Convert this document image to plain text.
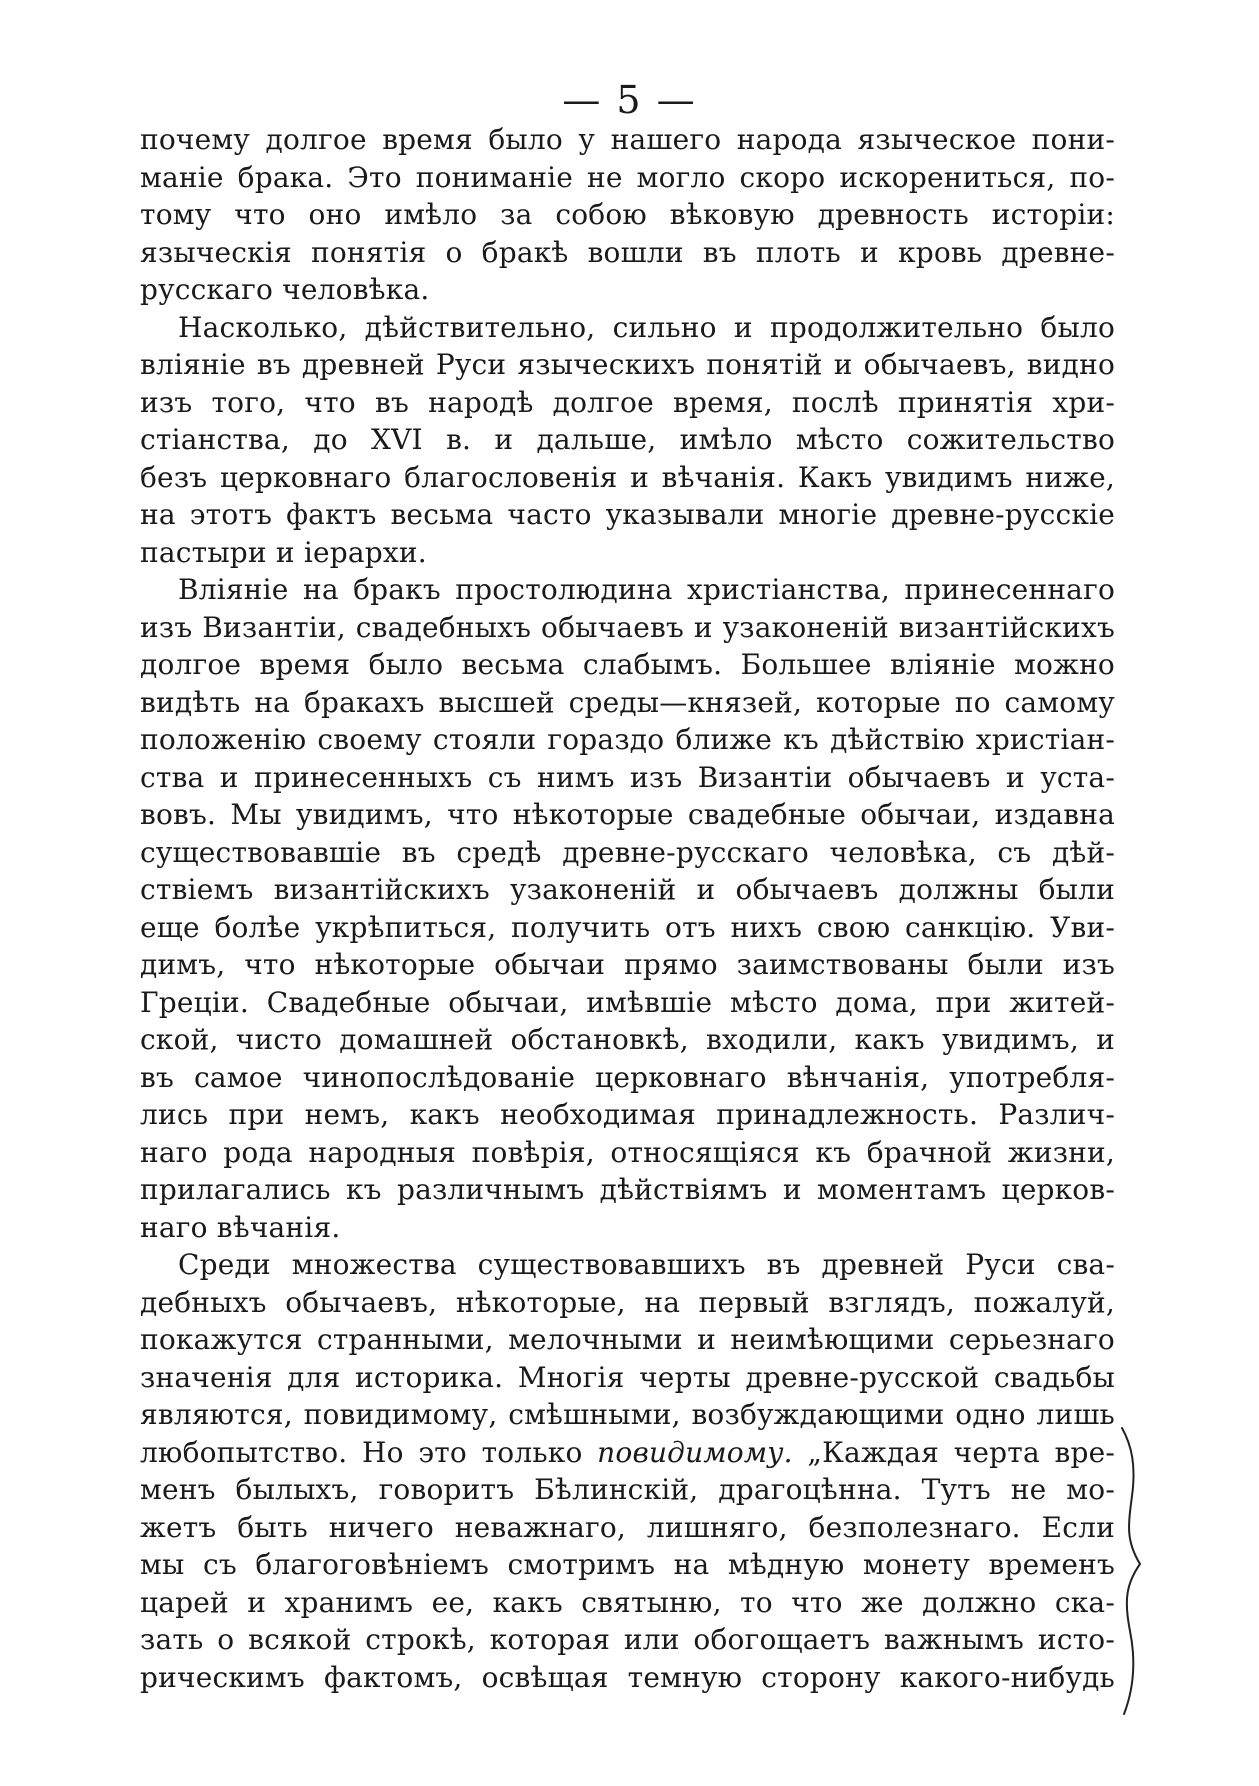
— 5 —
почему долгое время было у нашего народа языческое пони-
маніе брака. Это пониманіе не могло скоро искорениться, по-
тому что оно имѣло за собою вѣковую древность исторіи:
языческія понятія о бракѣ вошли въ плоть и кровь древне-
русскаго человѣка.
Насколько, дѣйствительно, сильно и продолжительно было
вліяніе въ древней Руси языческихъ понятій и обычаевъ, видно
изъ того, что въ народѣ долгое время, послѣ принятія хри-
стіанства, до XVI в. и дальше, имѣло мѣсто сожительство
безъ церковнаго благословенія и вѣчанія. Какъ увидимъ ниже,
на этотъ фактъ весьма часто указывали многіе древне-русскіе
пастыри и іерархи.
Вліяніе на бракъ простолюдина христіанства, принесеннаго
изъ Византіи, свадебныхъ обычаевъ и узаконеній византійскихъ
долгое время было весьма слабымъ. Большее вліяніе можно
видѣть на бракахъ высшей среды—князей, которые по самому
положенію своему стояли гораздо ближе къ дѣйствію христіан-
ства и принесенныхъ съ нимъ изъ Византіи обычаевъ и уста-
вовъ. Мы увидимъ, что нѣкоторые свадебные обычаи, издавна
существовавшіе въ средѣ древне-русскаго человѣка, съ дѣй-
ствіемъ византійскихъ узаконеній и обычаевъ должны были
еще болѣе укрѣпиться, получить отъ нихъ свою санкцію. Уви-
димъ, что нѣкоторые обычаи прямо заимствованы были изъ
Греціи. Свадебные обычаи, имѣвшіе мѣсто дома, при житей-
ской, чисто домашней обстановкѣ, входили, какъ увидимъ, и
въ самое чинопослѣдованіе церковнаго вѣнчанія, употребля-
лись при немъ, какъ необходимая принадлежность. Различ-
наго рода народныя повѣрія, относящіяся къ брачной жизни,
прилагались къ различнымъ дѣйствіямъ и моментамъ церков-
наго вѣчанія.
Среди множества существовавшихъ въ древней Руси сва-
дебныхъ обычаевъ, нѣкоторые, на первый взглядъ, пожалуй,
покажутся странными, мелочными и неимѣющими серьезнаго
значенія для историка. Многія черты древне-русской свадьбы
являются, повидимому, смѣшными, возбуждающими одно лишь
любопытство. Но это только повидимому. „Каждая черта вре-
менъ былыхъ, говоритъ Бѣлинскій, драгоцѣнна. Тутъ не мо-
жетъ быть ничего неважнаго, лишняго, безполезнаго. Если
мы съ благоговѣніемъ смотримъ на мѣдную монету временъ
царей и хранимъ ее, какъ святыню, то что же должно ска-
зать о всякой строкѣ, которая или обогощаетъ важнымъ исто-
рическимъ фактомъ, освѣщая темную сторону какого-нибудь
